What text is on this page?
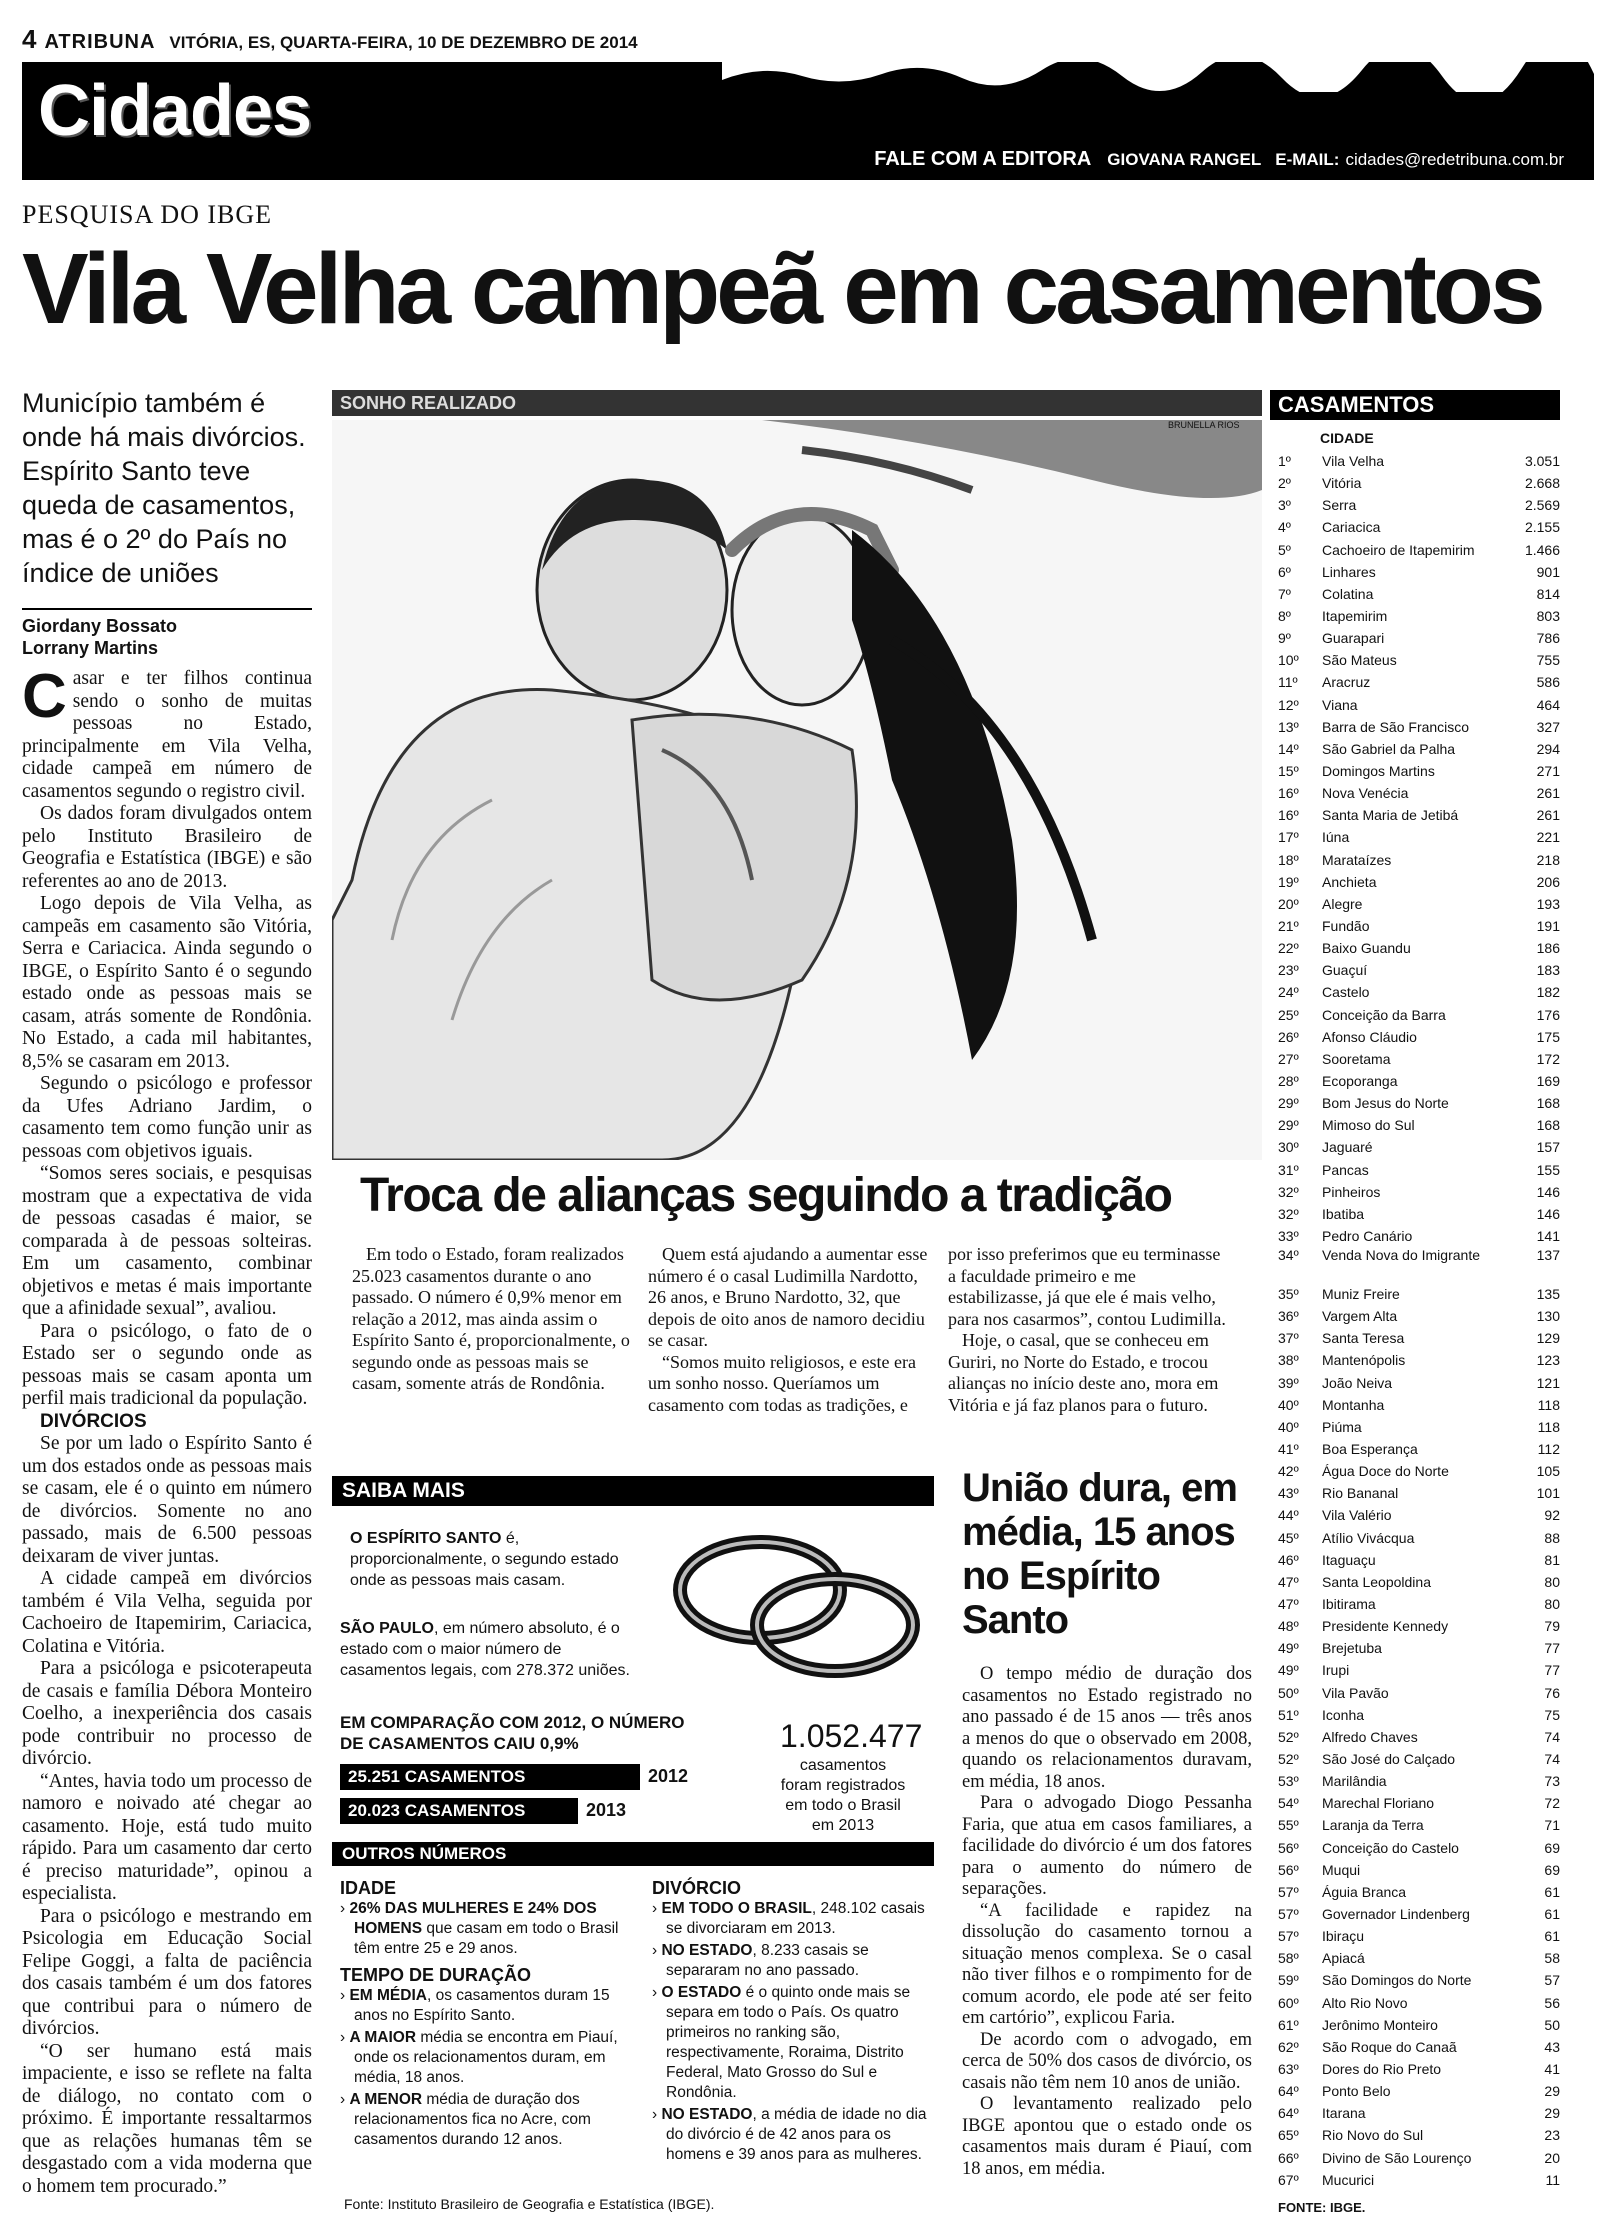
4 ATRIBUNA VITÓRIA, ES, QUARTA-FEIRA, 10 DE DEZEMBRO DE 2014
Cidades
FALE COM A EDITORA GIOVANA RANGEL E-MAIL: cidades@redetribuna.com.br
PESQUISA DO IBGE
Vila Velha campeã em casamentos
Município também é onde há mais divórcios. Espírito Santo teve queda de casamentos, mas é o 2º do País no índice de uniões
Giordany Bossato
Lorrany Martins

Casar e ter filhos continua sendo o sonho de muitas pessoas no Estado, principalmente em Vila Velha, cidade campeã em número de casamentos segundo o registro civil.

Os dados foram divulgados ontem pelo Instituto Brasileiro de Geografia e Estatística (IBGE) e são referentes ao ano de 2013.

Logo depois de Vila Velha, as campeãs em casamento são Vitória, Serra e Cariacica. Ainda segundo o IBGE, o Espírito Santo é o segundo estado onde as pessoas mais se casam, atrás somente de Rondônia. No Estado, a cada mil habitantes, 8,5% se casaram em 2013.

Segundo o psicólogo e professor da Ufes Adriano Jardim, o casamento tem como função unir as pessoas com objetivos iguais.

“Somos seres sociais, e pesquisas mostram que a expectativa de vida de pessoas casadas é maior, se comparada à de pessoas solteiras. Em um casamento, combinar objetivos e metas é mais importante que a afinidade sexual”, avaliou.

Para o psicólogo, o fato de o Estado ser o segundo onde as pessoas mais se casam aponta um perfil mais tradicional da população.

DIVÓRCIOS

Se por um lado o Espírito Santo é um dos estados onde as pessoas mais se casam, ele é o quinto em número de divórcios. Somente no ano passado, mais de 6.500 pessoas deixaram de viver juntas.

A cidade campeã em divórcios também é Vila Velha, seguida por Cachoeiro de Itapemirim, Cariacica, Colatina e Vitória.

Para a psicóloga e psicoterapeuta de casais e família Débora Monteiro Coelho, a inexperiência dos casais pode contribuir no processo de divórcio.

“Antes, havia todo um processo de namoro e noivado até chegar ao casamento. Hoje, está tudo muito rápido. Para um casamento dar certo é preciso maturidade”, opinou a especialista.

Para o psicólogo e mestrando em Psicologia em Educação Social Felipe Goggi, a falta de paciência dos casais também é um dos fatores que contribui para o número de divórcios.

“O ser humano está mais impaciente, e isso se reflete na falta de diálogo, no contato com o próximo. É importante ressaltarmos que as relações humanas têm se desgastado com a vida moderna que o homem tem procurado.”

SONHO REALIZADO
BRUNELLA RIOS
Troca de alianças seguindo a tradição

Em todo o Estado, foram realizados 25.023 casamentos durante o ano passado. O número é 0,9% menor em relação a 2012, mas ainda assim o Espírito Santo é, proporcionalmente, o segundo onde as pessoas mais se casam, somente atrás de Rondônia.

Quem está ajudando a aumentar esse número é o casal Ludimilla Nardotto, 26 anos, e Bruno Nardotto, 32, que depois de oito anos de namoro decidiu se casar.

“Somos muito religiosos, e este era um sonho nosso. Queríamos um casamento com todas as tradições, e

por isso preferimos que eu terminasse a faculdade primeiro e me estabilizasse, já que ele é mais velho, para nos casarmos”, contou Ludimilla.

Hoje, o casal, que se conheceu em Guriri, no Norte do Estado, e trocou alianças no início deste ano, mora em Vitória e já faz planos para o futuro.

SAIBA MAIS
O ESPÍRITO SANTO é, proporcionalmente, o segundo estado onde as pessoas mais casam.
SÃO PAULO, em número absoluto, é o estado com o maior número de casamentos legais, com 278.372 uniões.
EM COMPARAÇÃO COM 2012, O NÚMERO DE CASAMENTOS CAIU 0,9%
25.251 CASAMENTOS	2012
20.023 CASAMENTOS	2013
1.052.477
casamentos foram registrados em todo o Brasil em 2013
OUTROS NÚMEROS
IDADE
› 26% DAS MULHERES E 24% DOS HOMENS que casam em todo o Brasil têm entre 25 e 29 anos.
TEMPO DE DURAÇÃO
› EM MÉDIA, os casamentos duram 15 anos no Espírito Santo.
› A MAIOR média se encontra em Piauí, onde os relacionamentos duram, em média, 18 anos.
› A MENOR média de duração dos relacionamentos fica no Acre, com casamentos durando 12 anos.
DIVÓRCIO
› EM TODO O BRASIL, 248.102 casais se divorciaram em 2013.
› NO ESTADO, 8.233 casais se separaram no ano passado.
› O ESTADO é o quinto onde mais se separa em todo o País. Os quatro primeiros no ranking são, respectivamente, Roraima, Distrito Federal, Mato Grosso do Sul e Rondônia.
› NO ESTADO, a média de idade no dia do divórcio é de 42 anos para os homens e 39 anos para as mulheres.
Fonte: Instituto Brasileiro de Geografia e Estatística (IBGE).
União dura, em média, 15 anos no Espírito Santo

O tempo médio de duração dos casamentos no Estado registrado no ano passado é de 15 anos — três anos a menos do que o observado em 2008, quando os relacionamentos duravam, em média, 18 anos.

Para o advogado Diogo Pessanha Faria, que atua em casos familiares, a facilidade do divórcio é um dos fatores para o aumento do número de separações.

“A facilidade e rapidez na dissolução do casamento tornou a situação menos complexa. Se o casal não tiver filhos e o rompimento for de comum acordo, ele pode até ser feito em cartório”, explicou Faria.

De acordo com o advogado, em cerca de 50% dos casos de divórcio, os casais não têm nem 10 anos de união.

O levantamento realizado pelo IBGE apontou que o estado onde os casamentos mais duram é Piauí, com 18 anos, em média.

CASAMENTOS
CIDADE
1º	Vila Velha	3.051
2º	Vitória	2.668
3º	Serra	2.569
4º	Cariacica	2.155
5º	Cachoeiro de Itapemirim	1.466
6º	Linhares	901
7º	Colatina	814
8º	Itapemirim	803
9º	Guarapari	786
10º	São Mateus	755
11º	Aracruz	586
12º	Viana	464
13º	Barra de São Francisco	327
14º	São Gabriel da Palha	294
15º	Domingos Martins	271
16º	Nova Venécia	261
16º	Santa Maria de Jetibá	261
17º	Iúna	221
18º	Marataízes	218
19º	Anchieta	206
20º	Alegre	193
21º	Fundão	191
22º	Baixo Guandu	186
23º	Guaçuí	183
24º	Castelo	182
25º	Conceição da Barra	176
26º	Afonso Cláudio	175
27º	Sooretama	172
28º	Ecoporanga	169
29º	Bom Jesus do Norte	168
29º	Mimoso do Sul	168
30º	Jaguaré	157
31º	Pancas	155
32º	Pinheiros	146
32º	Ibatiba	146
33º	Pedro Canário	141
34º	Venda Nova do Imigrante	137
35º	Muniz Freire	135
36º	Vargem Alta	130
37º	Santa Teresa	129
38º	Mantenópolis	123
39º	João Neiva	121
40º	Montanha	118
40º	Piúma	118
41º	Boa Esperança	112
42º	Água Doce do Norte	105
43º	Rio Bananal	101
44º	Vila Valério	92
45º	Atílio Vivácqua	88
46º	Itaguaçu	81
47º	Santa Leopoldina	80
47º	Ibitirama	80
48º	Presidente Kennedy	79
49º	Brejetuba	77
49º	Irupi	77
50º	Vila Pavão	76
51º	Iconha	75
52º	Alfredo Chaves	74
52º	São José do Calçado	74
53º	Marilândia	73
54º	Marechal Floriano	72
55º	Laranja da Terra	71
56º	Conceição do Castelo	69
56º	Muqui	69
57º	Águia Branca	61
57º	Governador Lindenberg	61
57º	Ibiraçu	61
58º	Apiacá	58
59º	São Domingos do Norte	57
60º	Alto Rio Novo	56
61º	Jerônimo Monteiro	50
62º	São Roque do Canaã	43
63º	Dores do Rio Preto	41
64º	Ponto Belo	29
64º	Itarana	29
65º	Rio Novo do Sul	23
66º	Divino de São Lourenço	20
67º	Mucurici	11
FONTE: IBGE.
